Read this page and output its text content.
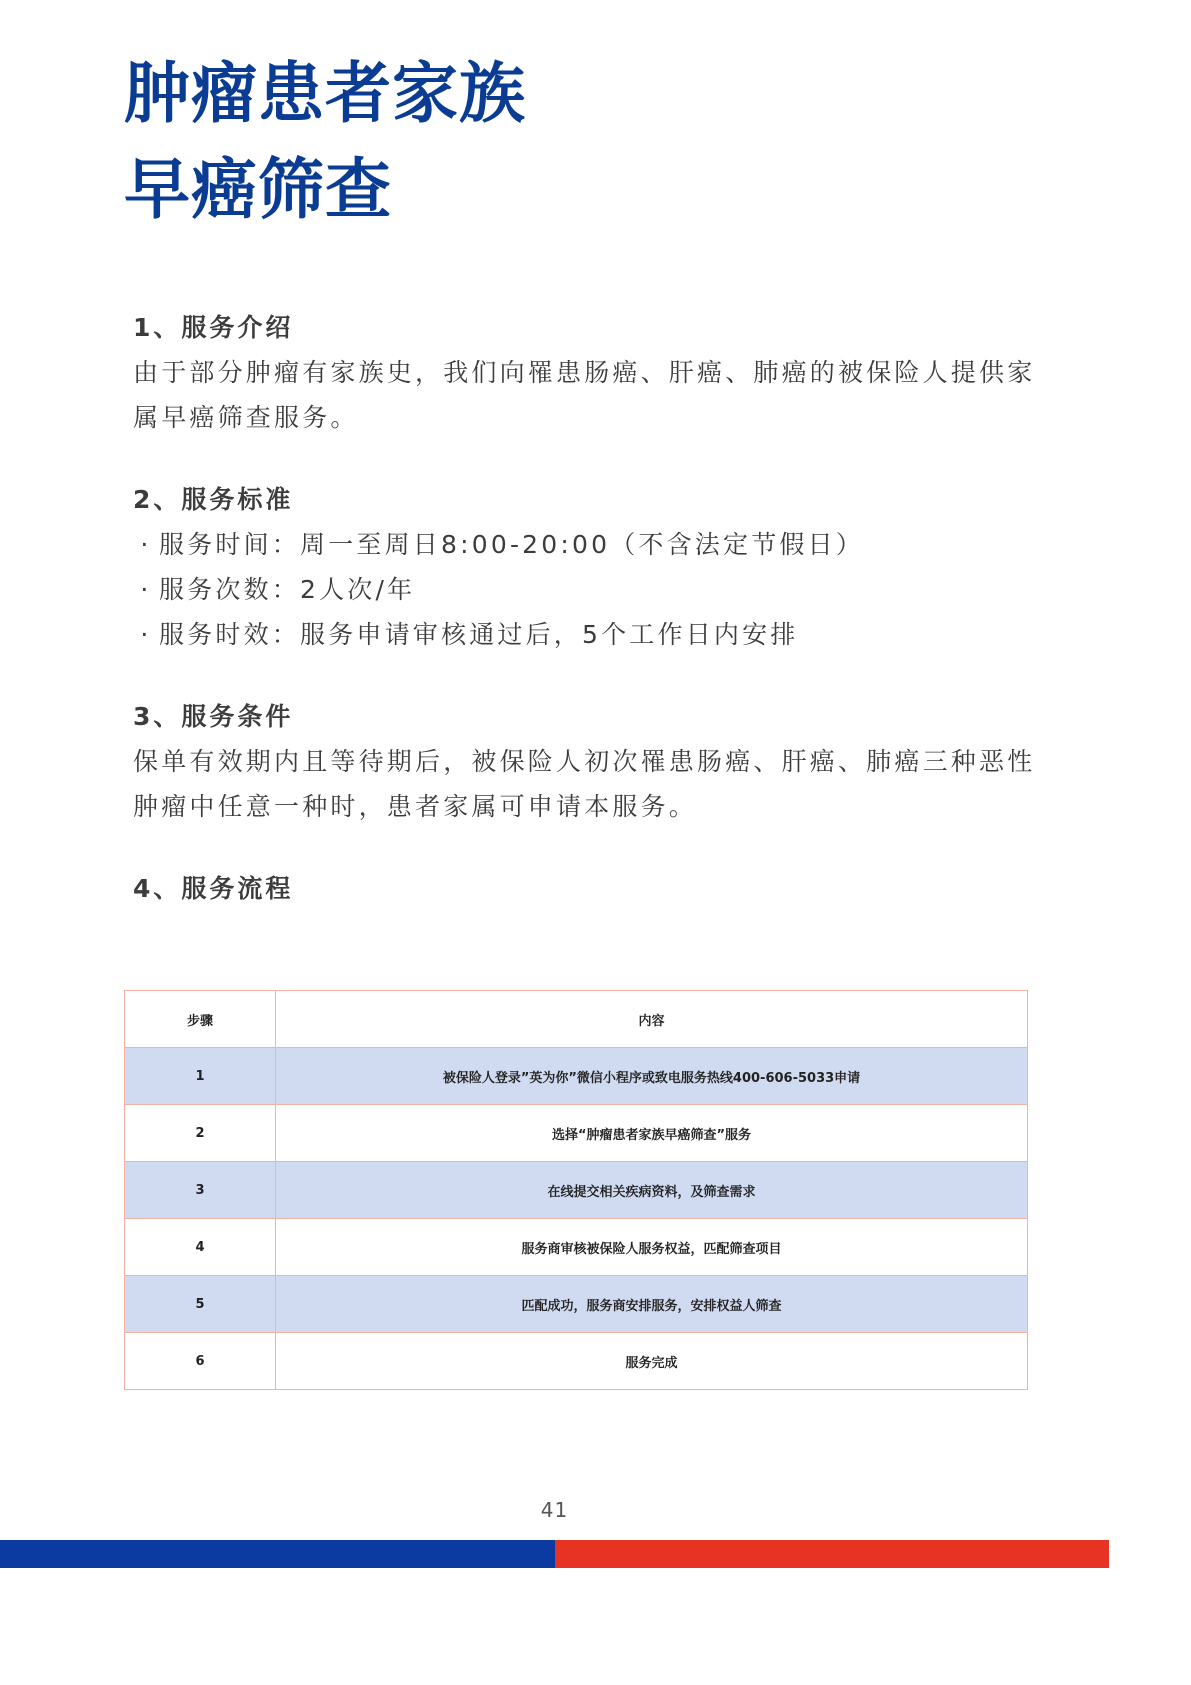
肿瘤患者家族
早癌筛查
1、服务介绍

由于部分肿瘤有家族史，我们向罹患肠癌、肝癌、肺癌的被保险人提供家

属早癌筛查服务。

2、服务标准
· 服务时间：周一至周日8:00-20:00（不含法定节假日）
· 服务次数：2人次/年
· 服务时效：服务申请审核通过后，5个工作日内安排
3、服务条件

保单有效期内且等待期后，被保险人初次罹患肠癌、肝癌、肺癌三种恶性

肿瘤中任意一种时，患者家属可申请本服务。

4、服务流程
步骤	内容
1	被保险人登录”英为你”微信小程序或致电服务热线400-606-5033申请
2	选择“肿瘤患者家族早癌筛查”服务
3	在线提交相关疾病资料，及筛查需求
4	服务商审核被保险人服务权益，匹配筛查项目
5	匹配成功，服务商安排服务，安排权益人筛查
6	服务完成
41
